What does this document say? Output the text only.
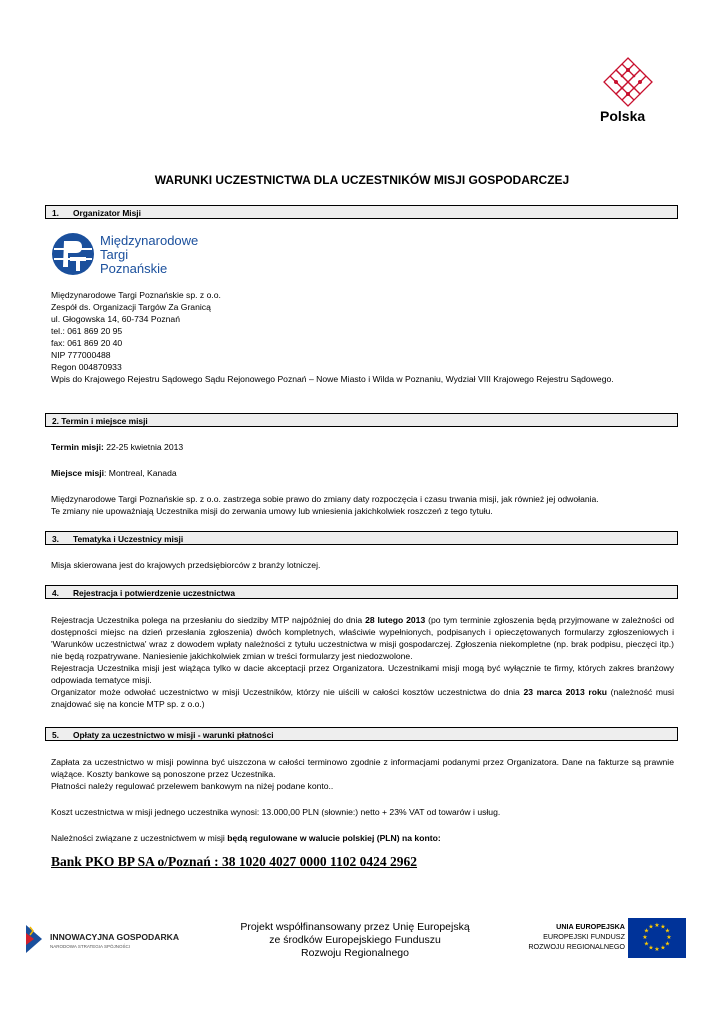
Polska
WARUNKI UCZESTNICTWA DLA UCZESTNIKÓW MISJI GOSPODARCZEJ
1. Organizator Misji
Międzynarodowe
Targi
Poznańskie
Międzynarodowe Targi Poznańskie sp. z o.o.
Zespół ds. Organizacji Targów Za Granicą
ul. Głogowska 14, 60-734 Poznań
tel.: 061 869 20 95
fax: 061 869 20 40
NIP 777000488
Regon 004870933
Wpis do Krajowego Rejestru Sądowego Sądu Rejonowego Poznań – Nowe Miasto i Wilda w Poznaniu, Wydział VIII Krajowego Rejestru Sądowego.
2. Termin i miejsce misji
Termin misji: 22-25 kwietnia 2013
Miejsce misji: Montreal, Kanada
Międzynarodowe Targi Poznańskie sp. z o.o. zastrzega sobie prawo do zmiany daty rozpoczęcia i czasu trwania misji, jak również jej odwołania.
Te zmiany nie upoważniają Uczestnika misji do zerwania umowy lub wniesienia jakichkolwiek roszczeń z tego tytułu.
3. Tematyka i Uczestnicy misji
Misja skierowana jest do krajowych przedsiębiorców z branży lotniczej.
4. Rejestracja i potwierdzenie uczestnictwa
Rejestracja Uczestnika polega na przesłaniu do siedziby MTP najpóźniej do dnia 28 lutego 2013 (po tym terminie zgłoszenia będą przyjmowane w zależności od dostępności miejsc na dzień przesłania zgłoszenia) dwóch kompletnych, właściwie wypełnionych, podpisanych i opieczętowanych formularzy zgłoszeniowych i 'Warunków uczestnictwa' wraz z dowodem wpłaty należności z tytułu uczestnictwa w misji gospodarczej. Zgłoszenia niekompletne (np. brak podpisu, pieczęci itp.) nie będą rozpatrywane. Naniesienie jakichkolwiek zmian w treści formularzy jest niedozwolone.
Rejestracja Uczestnika misji jest wiążąca tylko w dacie akceptacji przez Organizatora. Uczestnikami misji mogą być wyłącznie te firmy, których zakres branżowy odpowiada tematyce misji.
Organizator może odwołać uczestnictwo w misji Uczestników, którzy nie uiścili w całości kosztów uczestnictwa do dnia 23 marca 2013 roku (należność musi znajdować się na koncie MTP sp. z o.o.)
5. Opłaty za uczestnictwo w misji - warunki płatności
Zapłata za uczestnictwo w misji powinna być uiszczona w całości terminowo zgodnie z informacjami podanymi przez Organizatora. Dane na fakturze są prawnie wiążące. Koszty bankowe są ponoszone przez Uczestnika.
Płatności należy regulować przelewem bankowym na niżej podane konto..
Koszt uczestnictwa w misji jednego uczestnika wynosi: 13.000,00 PLN (słownie:) netto + 23% VAT od towarów i usług.
Należności związane z uczestnictwem w misji będą regulowane w walucie polskiej (PLN) na konto:
Bank PKO BP SA o/Poznań : 38 1020 4027 0000 1102 0424 2962
INNOWACYJNA GOSPODARKA
NARODOWA STRATEGIA SPÓJNOŚCI
Projekt współfinansowany przez Unię Europejską
ze środków Europejskiego Funduszu
Rozwoju Regionalnego
UNIA EUROPEJSKA
EUROPEJSKI FUNDUSZ
ROZWOJU REGIONALNEGO
★ ★
★
★
★
★
★
★
★
★
★
★
